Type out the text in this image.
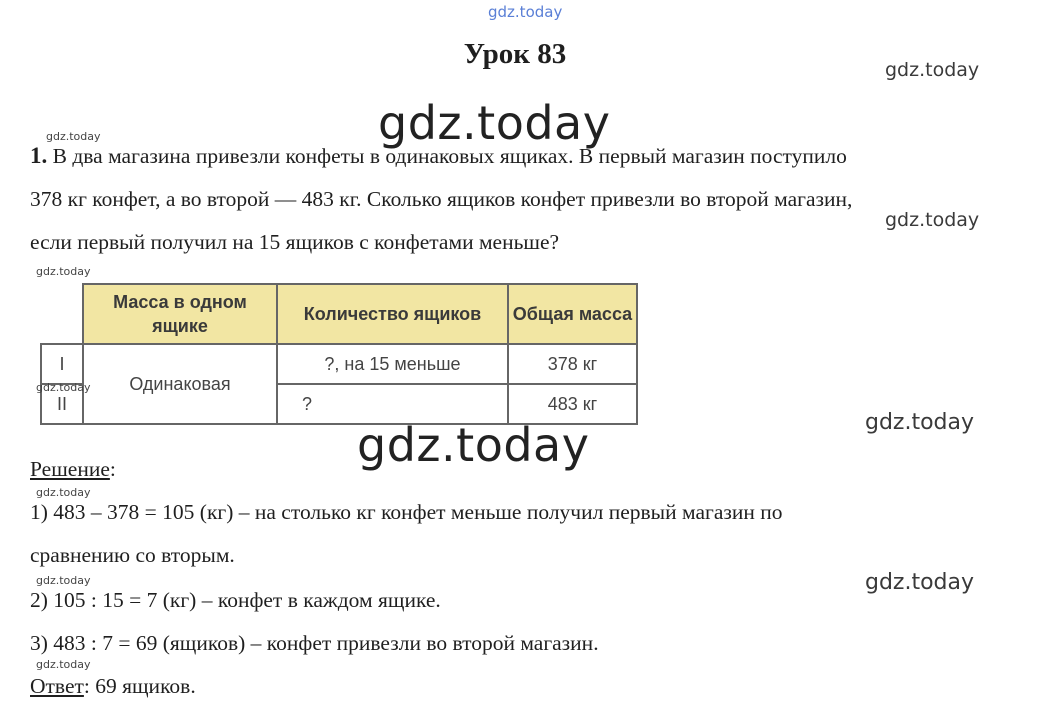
gdz.today
gdz.today
gdz.today
gdz.today
gdz.today
gdz.today
gdz.today
gdz.today
gdz.today
gdz.today
gdz.today	gdz.today
gdz.today
Урок 83
1. В два магазина привезли конфеты в одинаковых ящиках. В первый магазин поступило
378 кг конфет, а во второй — 483 кг. Сколько ящиков конфет привезли во второй магазин,
если первый получил на 15 ящиков с конфетами меньше?
	Масса в одном ящике	Количество ящиков	Общая масса
I	Одинаковая	?, на 15 меньше	378 кг
II		?	483 кг
Решение:
1) 483 – 378 = 105 (кг) – на столько кг конфет меньше получил первый магазин по
сравнению со вторым.
2) 105 : 15 = 7 (кг) – конфет в каждом ящике.
3) 483 : 7 = 69 (ящиков) – конфет привезли во второй магазин.
Ответ: 69 ящиков.
